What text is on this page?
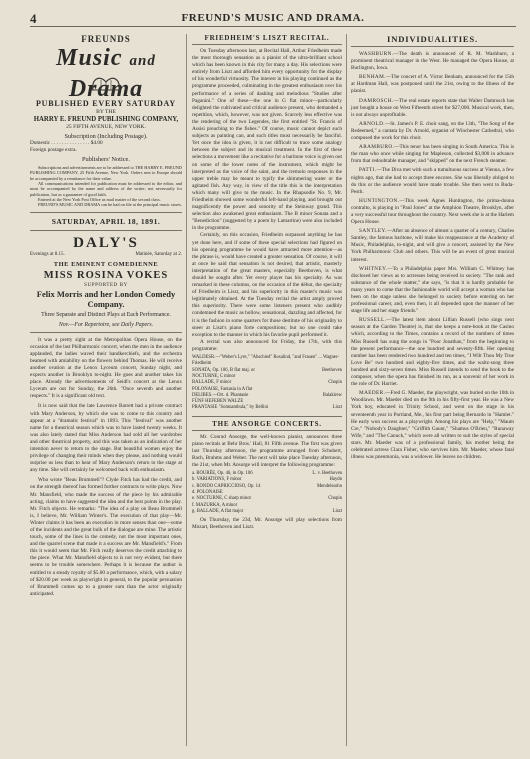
4	FREUND'S MUSIC AND DRAMA.
FREUNDS
Music and Drama
PUBLISHED EVERY SATURDAY

BY THE

HARRY E. FREUND PUBLISHING COMPANY,

25 FIFTH AVENUE, NEW YORK.

Subscription (Including Postage).

Domestic . . . . . . . . . . . . . . . $4.00

Foreign postage extra.

Publishers' Notice.

Subscriptions and advertisements are to be addressed to THE HARRY E. FREUND PUBLISHING COMPANY, 25 Fifth Avenue, New York. Orders sent to Europe should be accompanied by a remittance for their value.

All communications intended for publication must be addressed to the editor, and must be accompanied by the name and address of the writer; not necessarily for publication, but as a guarantee of good faith.

Entered at the New York Post Office as mail matter of the second class.

FREUND'S MUSIC AND DRAMA can be had on file at the principal music stores.

SATURDAY, APRIL 18, 1891.
DALY'S
Evenings at 8.15.	Matinée, Saturday at 2.
THE EMINENT COMEDIENNE
MISS ROSINA VOKES
SUPPORTED BY
Felix Morris and her London Comedy Company.
Three Separate and Distinct Plays at Each Performance.
Nov.—For Repertoire, see Daily Papers.

It was a pretty sight at the Metropolitan Opera House, on the occasion of the last Philharmonic concert, when the men in the audience applauded, the ladies waved their handkerchiefs, and the orchestra beamed with amiability on the flowers behind Thomas. He will receive another ovation at the Lenox Lyceum concert, Sunday night, and expects another in Brooklyn to-night. He goes and another takes his place. Already the advertisements of Seidl's concert at the Lenox Lyceum are out for Sunday, the 26th. "Once seventh and another respects." It is a significant old text.

It is now said that the late Lawrence Barrett had a private contract with Mary Anderson, by which she was to come to this country and appear at a "dramatic festival" in 1893. This "festival" was another name for a theatrical season which was to have lasted twenty weeks. It was also lately stated that Miss Anderson had sold all her wardrobes and other theatrical property, and this was taken as an indication of her intention never to return to the stage. But beautiful women enjoy the privilege of changing their minds when they please, and nothing would surprise us less than to hear of Mary Anderson's return to the stage at any time. She will certainly be welcomed back with enthusiasm.

Who wrote "Beau Brummell"? Clyde Fitch has had the credit, and on the strength thereof has formed further contracts to write plays. Now Mr. Mansfield, who made the success of the piece by his admirable acting, claims to have suggested the idea and the best points in the play. Mr. Fitch objects. He remarks: "The idea of a play on Beau Brummell is, I believe, Mr. William Winter's. The execution of that play—Mr. Winter claims it has been an execution in more senses than one—some of the incidents and the great bulk of the dialogue are mine. The artistic touch, some of the lines in the comedy, not the most important ones, and the quarrel scene that made it a success are Mr. Mansfield's." From this it would seem that Mr. Fitch really deserves the credit attaching to the piece. What Mr. Mansfield objects to is not very evident, but there seems to be trouble somewhere. Perhaps it is because the author is entitled to a steady royalty of $5.00 a performance, which, with a salary of $20.00 per week as playwright in general, to the popular persuasion of Brummell comes up to a greater sum than the actor originally anticipated.

FRIEDHEIM'S LISZT RECITAL.

On Tuesday afternoon last, at Recital Hall, Arthur Friedheim made the most thorough sensation as a pianist of the ultra-brilliant school which has been known in this city for many a day. His selections were entirely from Liszt and afforded him every opportunity for the display of his wonderful virtuosity. The interest in his playing continued as the programme proceeded, culminating in the greatest enthusiasm over his performance of a series of dashing and melodious "Studies after Paganini." One of these—the one in G flat minor—particularly delighted the cultivated and critical audience present, who demanded a repetition, which, however, was not given. Scarcely less effective was the rendering of the two Legendes, the first entitled "St. Francis of Assisi preaching to the fishes." Of course, music cannot depict such subjects as painting can, and such titles must necessarily be fanciful. Yet once the idea is given, it is not difficult to trace some analogy between the subject and its musical treatment. In the first of these selections a movement like a recitative for a baritone voice is given out on some of the lower notes of the instrument, which might be interpreted as the voice of the saint, and the tremolo responses in the upper treble may be meant to typify the shimmering water or the agitated fish. Any way, in view of the title this is the interpretation which many will give to the music. In the Rhapsodie No. 9, Mr. Friedheim showed some wonderful left-hand playing, and brought out magnificently the power and sonority of the Steinway grand. This selection also awakened great enthusiasm. The B minor Sonata and a "Benediction" (suggested by a poem by Lamartine) were also included in the programme.

Certainly, on this occasion, Friedheim surpassed anything he has yet done here, and if some of these special selections had figured on his opening programme he would have attracted more attention—as the phrase is, would have created a greater sensation. Of course, it will at once be said that sensation is not desired, that artistic, masterly interpretation of the great masters, especially Beethoven, is what should be sought after. Yet every player has his specialty. As was remarked in these columns, on the occasion of the début, the specialty of Friedheim is Liszt, and his superiority in this master's music was legitimately obtained. At the Tuesday recital the artist amply proved this superiority. There were some listeners present who audibly condemned the music as hollow, sensational, dazzling and affected, for it is the fashion in some quarters for those destitute of his originality to sneer at Liszt's piano forte compositions; but no one could take exception to the manner in which his favorite pupil performed it.

A recital was also announced for Friday, the 17th, with this programme:

WALDESR.—"Weber's Lyre," "Abschied" Rosalind, "and Frauen" ... Wagner-Friedheim
SONATA, Op. 106, B flat maj. or	Beethoven
NOCTURNE, C minor
BALLADE, F minor	Chopin
POLONAISE, Fantasia in A flat
DELIBES.—Ort. d. Phantasie	Balakirew
FÜNF HEFEBEN WALZE
PRANTASIE "Somnambula," by Bellini	Liszt
THE ANSORGE CONCERTS.

Mr. Conrad Ansorge, the well-known pianist, announces three piano recitals at Behr Bros.' Hall, 81 Fifth avenue. The first was given last Thursday afternoon, the programme arranged from Schubert, Bach, Brahms and Weber. The next will take place Tuesday afternoon, the 21st, when Mr. Ansorge will interpret the following programme:

a. BOURÉE, Op. 46, in Op. 106	L. v. Beethoven
b. VARIATIONS, F minor	Haydn
c. RONDO CAPRICCIOSO, Op. 14	Mendelssohn
d. POLONAISE
e. NOCTURNE, C sharp minor	Chopin
f. MAZURKA, A minor
g. BALLADE, A flat major	Liszt

On Thursday, the 23d, Mr. Ansorge will play selections from Mozart, Beethoven and Liszt.

INDIVIDUALITIES.

WASHBURN.—The death is announced of R. M. Washburn, a prominent theatrical manager in the West. He managed the Opera House, at Burlington, Iowa.

BENHAM.—The concert of A. Victor Benham, announced for the 15th at Hardman Hall, was postponed until the 21st, owing to the illness of the pianist.

DAMROSCH.—The real estate reports state that Walter Damrosch has just bought a house on West Fifteenth street for $27,000. Musical work, then, is not always unprofitable.

ARNOLD.—St. James's P. E. choir sang, on the 13th, "The Song of the Redeemed," a cantata by Dr. Arnold, organist of Winchester Cathedral, who composed the work for this choir.

ARAMBURO.—This tenor has been singing in South America. This is the man who once while singing for Mapleson, collected $3,000 in advance from that redoubtable manager, and "skipped" on the next French steamer.

PATTI.—The Diva met with such a tumultuous success at Vienna, a few nights ago, that she had to accept three encores. She was liberally obliged to do this or the audience would have made trouble. She then went to Buda-Pesth.

HUNTINGTON.—This week Agnes Huntington, the prima-donna contralto, is playing in "Paul Jones" at the Amphion Theatre, Brooklyn, after a very successful tour throughout the country. Next week she is at the Harlem Opera House.

SANTLEY.—After an absence of almost a quarter of a century, Charles Santley, the famous baritone, will make his reappearance at the Academy of Music, Philadelphia, to-night, and will give a concert, assisted by the New York Philharmonic Club and others. This will be an event of great musical interest.

WHITNEY.—To a Philadelphia paper Mrs. William C. Whitney has disclosed her views as to actresses being received in society. "The rank and substance of the whole matter," she says, "is that it is hardly probable for many years to come that the fashionable world will accept a woman who has been on the stage unless she belonged to society before entering on her professional career, and, even then, it all depended upon the manner of her stage life and her stage friends."

RUSSELL.—The latest item about Lillian Russell (who sings next season at the Garden Theatre) is, that she keeps a note-book at the Casino which, according to the Times, contains a record of the numbers of times Miss Russell has sung the songs in "Poor Jonathan," from the beginning to the present performance—the one hundred and seventy-fifth. Her opening number has been rendered two hundred and ten times, "I Wilt Thou My True Love Be" two hundred and eighty-five times, and the waltz-song three hundred and sixty-seven times. Miss Russell intends to send the book to the composer, when the opera has finished its run, as a souvenir of her work in the role of Dr. Harriet.

MAEDER.—Fred G. Maeder, the playwright, was buried on the 10th in Woodlawn. Mr. Maeder died on the 9th in his fifty-first year. He was a New York boy, educated in Trinity School, and went on the stage in his seventeenth year in Portland, Me., his first part being Bernardo in "Hamlet." He early won success as a playwright. Among his plays are "Help," "Maum Cre," "Nobody's Daughter," "Griffith Gaunt," "Shamus O'Brien," "Runaway Wife," and "The Canuck," which were all written to suit the styles of special stars. Mr. Maeder was of a professional family, his mother being the celebrated actress Clara Fisher, who survives him. Mr. Maeder, whose fatal illness was pneumonia, was a widower. He leaves no children.
